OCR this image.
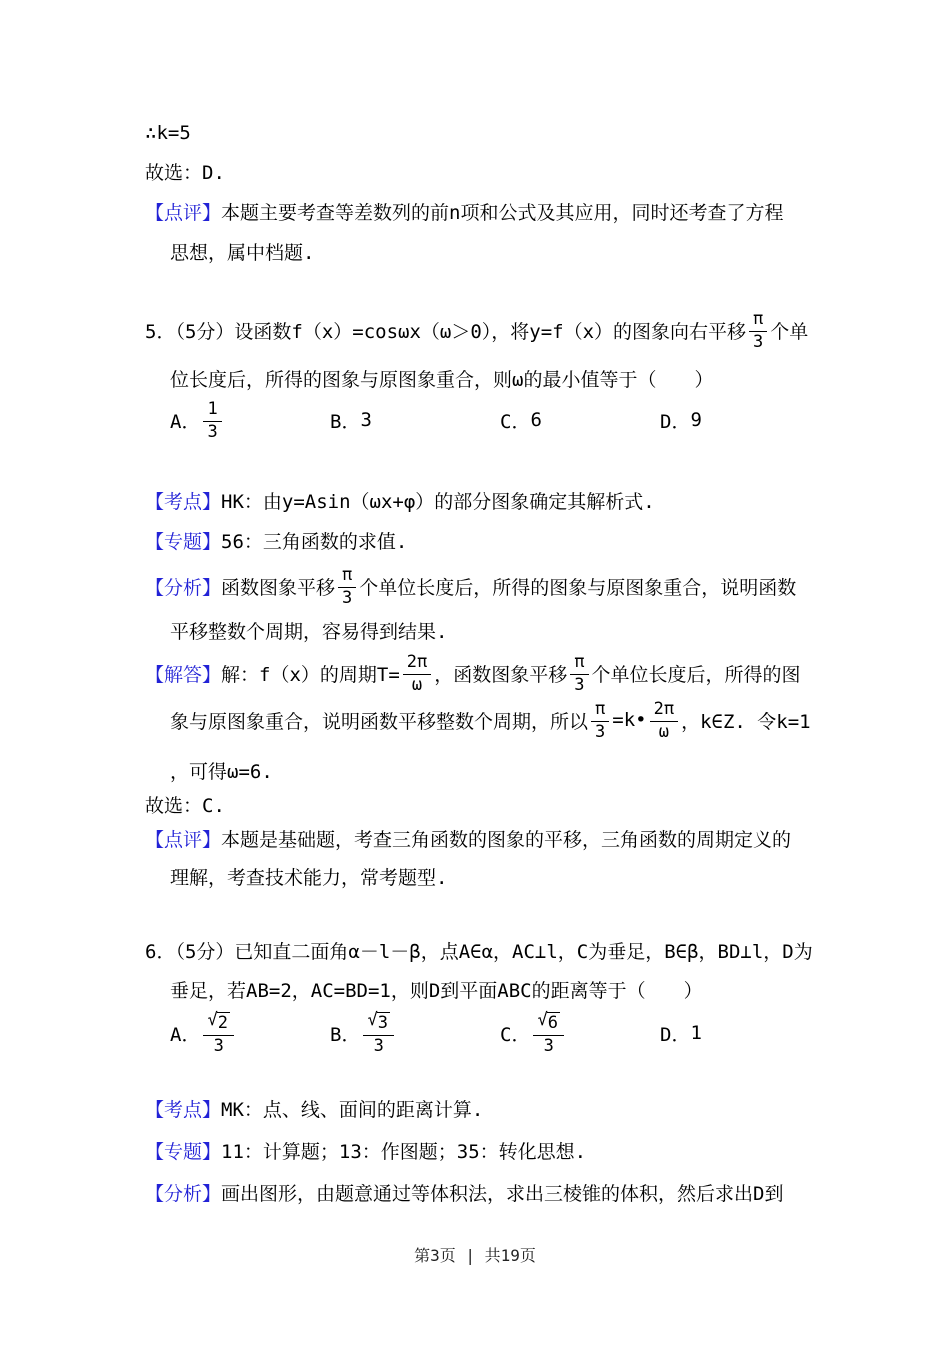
∴k=5
故选：D.
【点评】 本题主要考查等差数列的前n项和公式及其应用，同时还考查了方程
思想，属中档题.
5．（5分）设函数f（x）=cosωx（ω＞0），将y=f（x）的图象向右平移 $\frac{\pi}{3}$ 个单
位长度后，所得的图象与原图象重合，则ω的最小值等于（　　）
A． $\frac{1}{3}$	B． 3	C． 6	D． 9
【考点】 HK：由y=Asin（ωx+φ）的部分图象确定其解析式.
【专题】 56：三角函数的求值.
【分析】 函数图象平移 $\frac{\pi}{3}$ 个单位长度后，所得的图象与原图象重合，说明函数
平移整数个周期，容易得到结果.
【解答】 解：f（x）的周期$T= \frac{2\pi}{\omega}$ ，函数图象平移 $\frac{\pi}{3}$ 个单位长度后，所得的图
象与原图象重合，说明函数平移整数个周期，所以 $\frac{\pi}{3}$ =k• $\frac{2\pi}{\omega}$ ，k∈Z. 令k=1
，可得ω=6.
故选：C.
【点评】 本题是基础题，考查三角函数的图象的平移，三角函数的周期定义的
理解，考查技术能力，常考题型.
6．（5分）已知直二面角α－l－β，点A∈α，AC⊥l，C为垂足，B∈β，BD⊥l，D为
垂足，若AB=2，AC=BD=1，则D到平面ABC的距离等于（　　）
A． $\frac{√ 2}{3}$	B． $\frac{√ 3}{3}$	C． $\frac{√ 6}{3}$	D． 1
【考点】 MK：点、线、面间的距离计算.
【专题】 11：计算题；13：作图题；35：转化思想.
【分析】 画出图形，由题意通过等体积法，求出三棱锥的体积，然后求出D到
第3页 | 共19页
